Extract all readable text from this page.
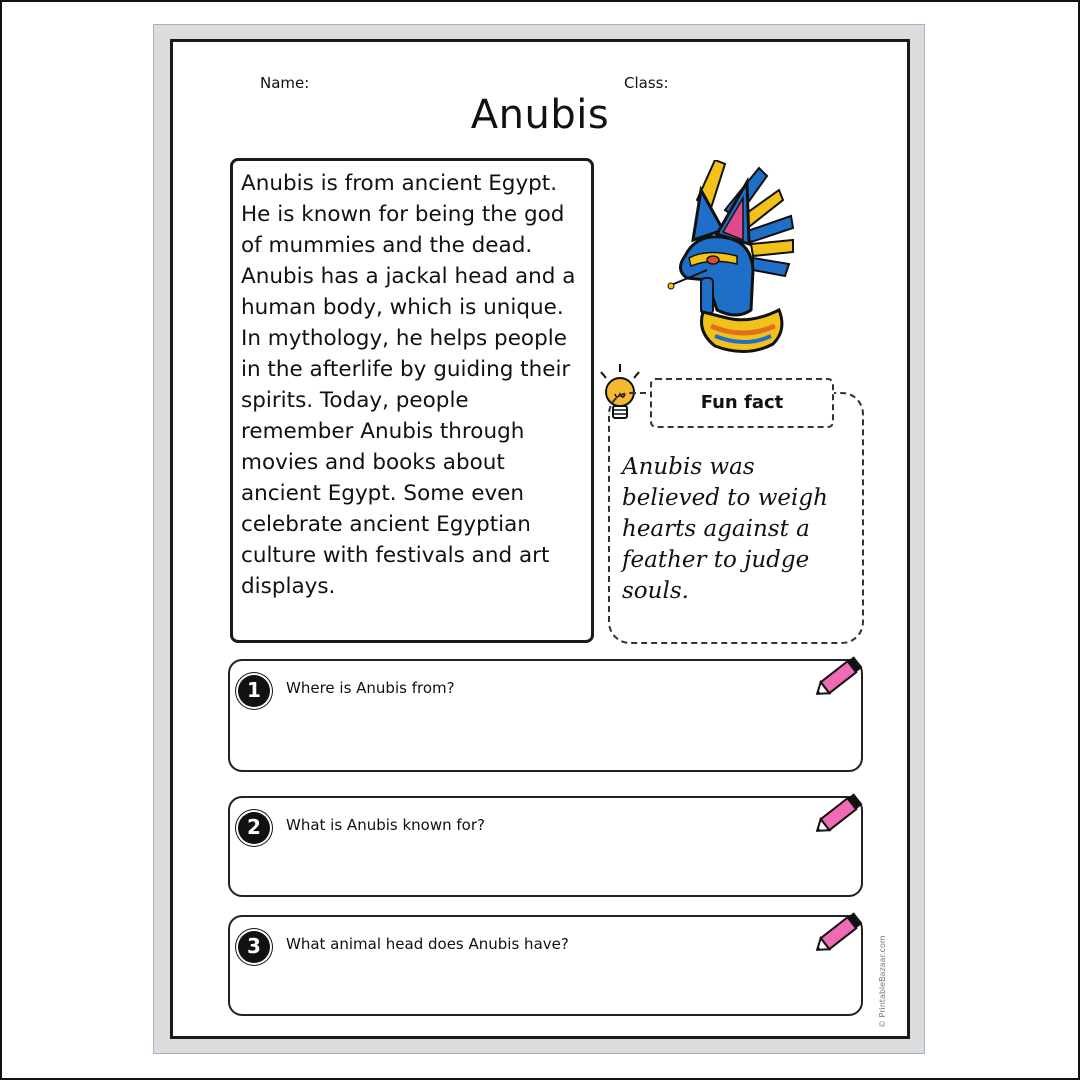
Name:	Class:
Anubis
Anubis is from ancient Egypt. He is known for being the god of mummies and the dead. Anubis has a jackal head and a human body, which is unique. In mythology, he helps people in the afterlife by guiding their spirits. Today, people remember Anubis through movies and books about ancient Egypt. Some even celebrate ancient Egyptian culture with festivals and art displays.
Anubis was believed to weigh hearts against a feather to judge souls.
Fun fact
1	Where is Anubis from?
2	What is Anubis known for?
3	What animal head does Anubis have?	© PrintableBazaar.com
